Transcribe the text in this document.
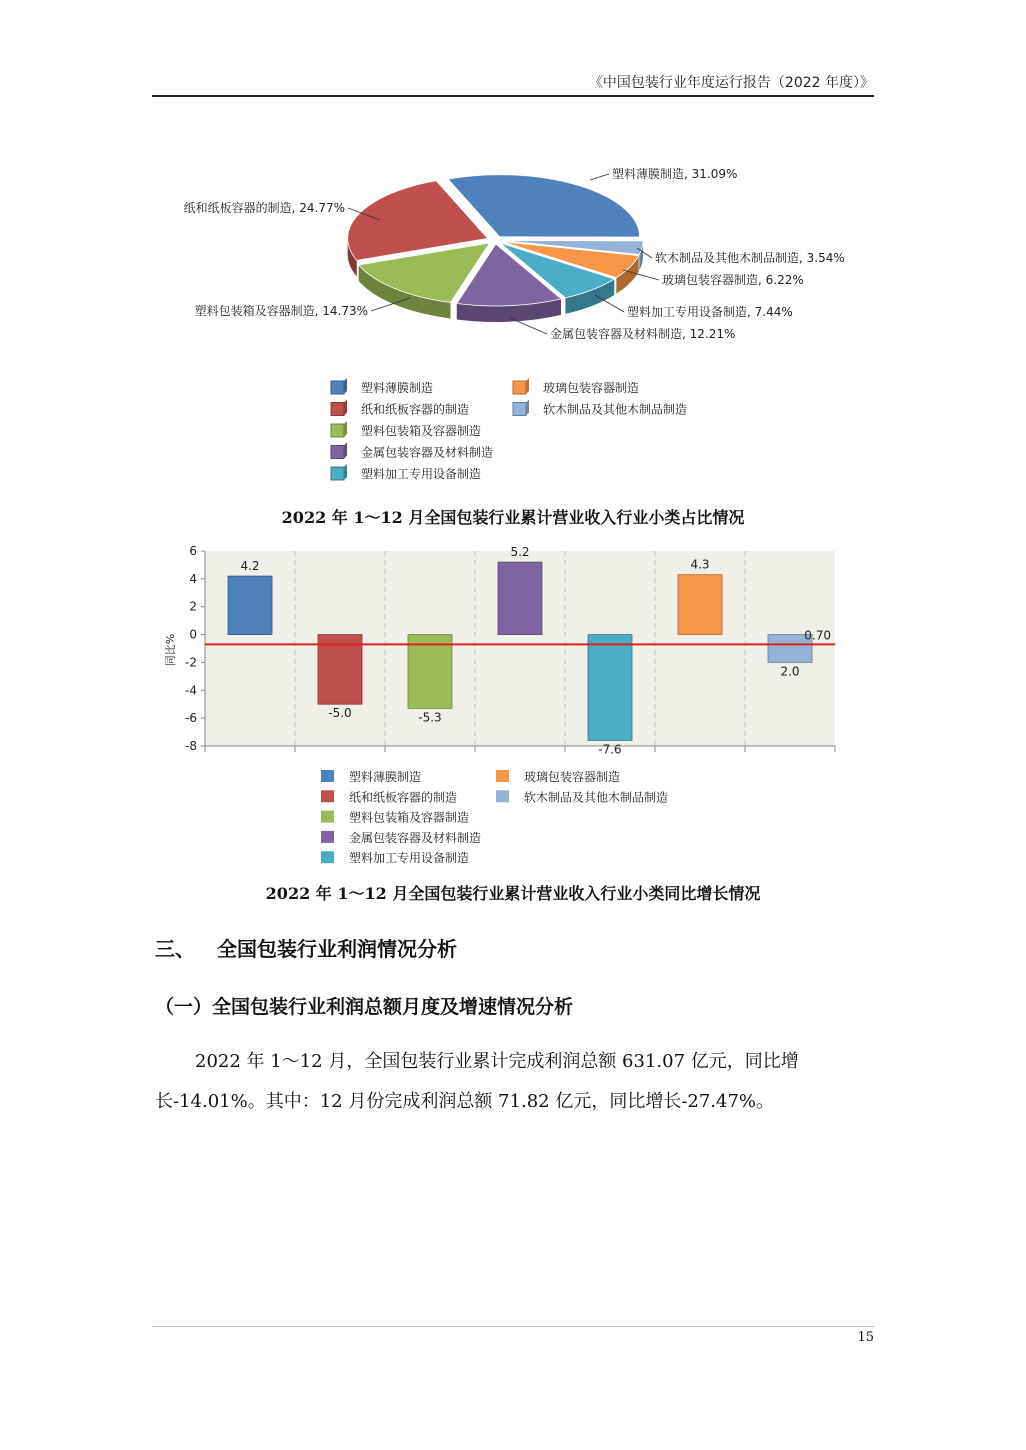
《中国包装行业年度运行报告（2022 年度）》
塑料薄膜制造, 31.09%
软木制品及其他木制品制造, 3.54%
玻璃包装容器制造, 6.22%
塑料加工专用设备制造, 7.44%
金属包装容器及材料制造, 12.21%
塑料包装箱及容器制造, 14.73%
纸和纸板容器的制造, 24.77%
塑料薄膜制造
纸和纸板容器的制造
塑料包装箱及容器制造
金属包装容器及材料制造
塑料加工专用设备制造
玻璃包装容器制造
软木制品及其他木制品制造
2022 年 1～12 月全国包装行业累计营业收入行业小类占比情况
6
4
2
0
-2
-4
-6
-8
4.2
-5.0	-5.3
5.2
-7.6
4.3
2.0
0.70
塑料薄膜制造
纸和纸板容器的制造
塑料包装箱及容器制造
金属包装容器及材料制造
塑料加工专用设备制造
玻璃包装容器制造
软木制品及其他木制品制造
同比%
2022 年 1～12 月全国包装行业累计营业收入行业小类同比增长情况
三、 全国包装行业利润情况分析
（一）全国包装行业利润总额月度及增速情况分析
2022 年 1～12 月，全国包装行业累计完成利润总额 631.07 亿元，同比增长-14.01%。其中：12 月份完成利润总额 71.82 亿元，同比增长-27.47%。
15
